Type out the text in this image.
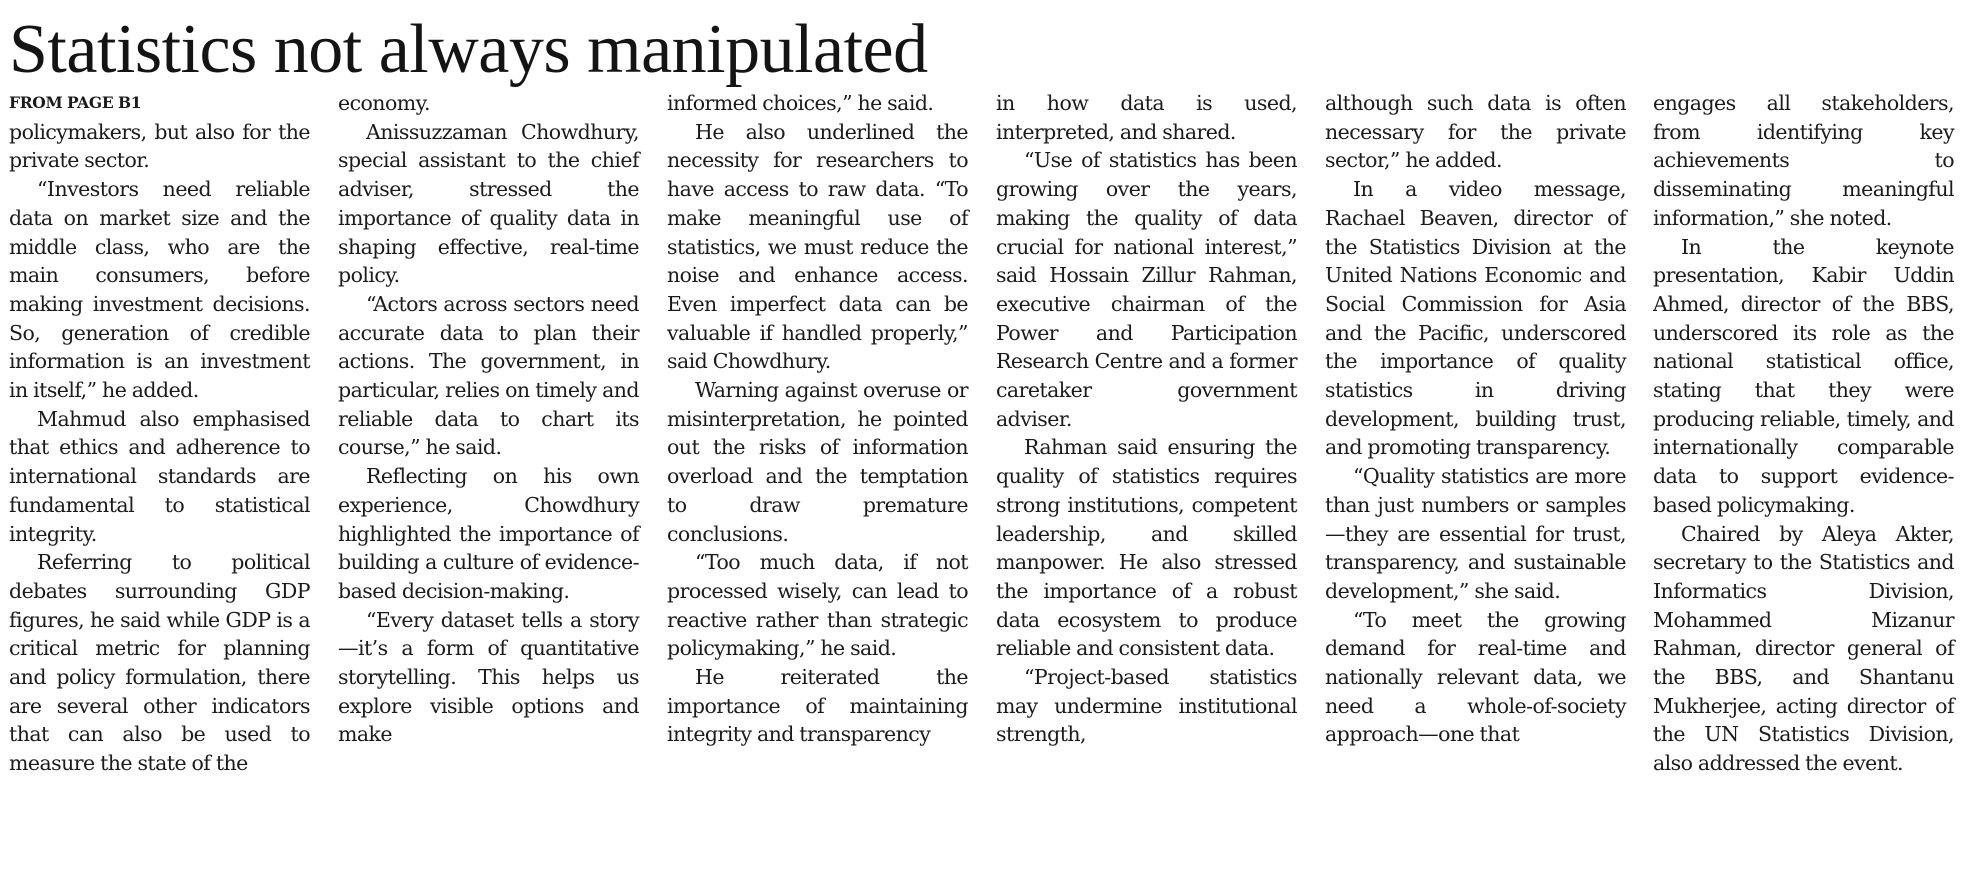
Statistics not always manipulated
FROM PAGE B1

policymakers, but also for the private sector.

“Investors need reliable data on market size and the middle class, who are the main consumers, before making investment decisions. So, generation of credible information is an investment in itself,” he added.

Mahmud also emphasised that ethics and adherence to international standards are fundamental to statistical integrity.

Referring to political debates surrounding GDP figures, he said while GDP is a critical metric for planning and policy formulation, there are several other indicators that can also be used to measure the state of the

economy.

Anissuzzaman Chowdhury, special assistant to the chief adviser, stressed the importance of quality data in shaping effective, real-time policy.

“Actors across sectors need accurate data to plan their actions. The government, in particular, relies on timely and reliable data to chart its course,” he said.

Reflecting on his own experience, Chowdhury highlighted the importance of building a culture of evidence-based decision-making.

“Every dataset tells a story—it’s a form of quantitative storytelling. This helps us explore visible options and make

informed choices,” he said.

He also underlined the necessity for researchers to have access to raw data. “To make meaningful use of statistics, we must reduce the noise and enhance access. Even imperfect data can be valuable if handled properly,” said Chowdhury.

Warning against overuse or misinterpretation, he pointed out the risks of information overload and the temptation to draw premature conclusions.

“Too much data, if not processed wisely, can lead to reactive rather than strategic policymaking,” he said.

He reiterated the importance of maintaining integrity and transparency

in how data is used, interpreted, and shared.

“Use of statistics has been growing over the years, making the quality of data crucial for national interest,” said Hossain Zillur Rahman, executive chairman of the Power and Participation Research Centre and a former caretaker government adviser.

Rahman said ensuring the quality of statistics requires strong institutions, competent leadership, and skilled manpower. He also stressed the importance of a robust data ecosystem to produce reliable and consistent data.

“Project-based statistics may undermine institutional strength,

although such data is often necessary for the private sector,” he added.

In a video message, Rachael Beaven, director of the Statistics Division at the United Nations Economic and Social Commission for Asia and the Pacific, underscored the importance of quality statistics in driving development, building trust, and promoting transparency.

“Quality statistics are more than just numbers or samples—they are essential for trust, transparency, and sustainable development,” she said.

“To meet the growing demand for real-time and nationally relevant data, we need a whole-of-society approach—one that

engages all stakeholders, from identifying key achievements to disseminating meaningful information,” she noted.

In the keynote presentation, Kabir Uddin Ahmed, director of the BBS, underscored its role as the national statistical office, stating that they were producing reliable, timely, and internationally comparable data to support evidence-based policymaking.

Chaired by Aleya Akter, secretary to the Statistics and Informatics Division, Mohammed Mizanur Rahman, director general of the BBS, and Shantanu Mukherjee, acting director of the UN Statistics Division, also addressed the event.
